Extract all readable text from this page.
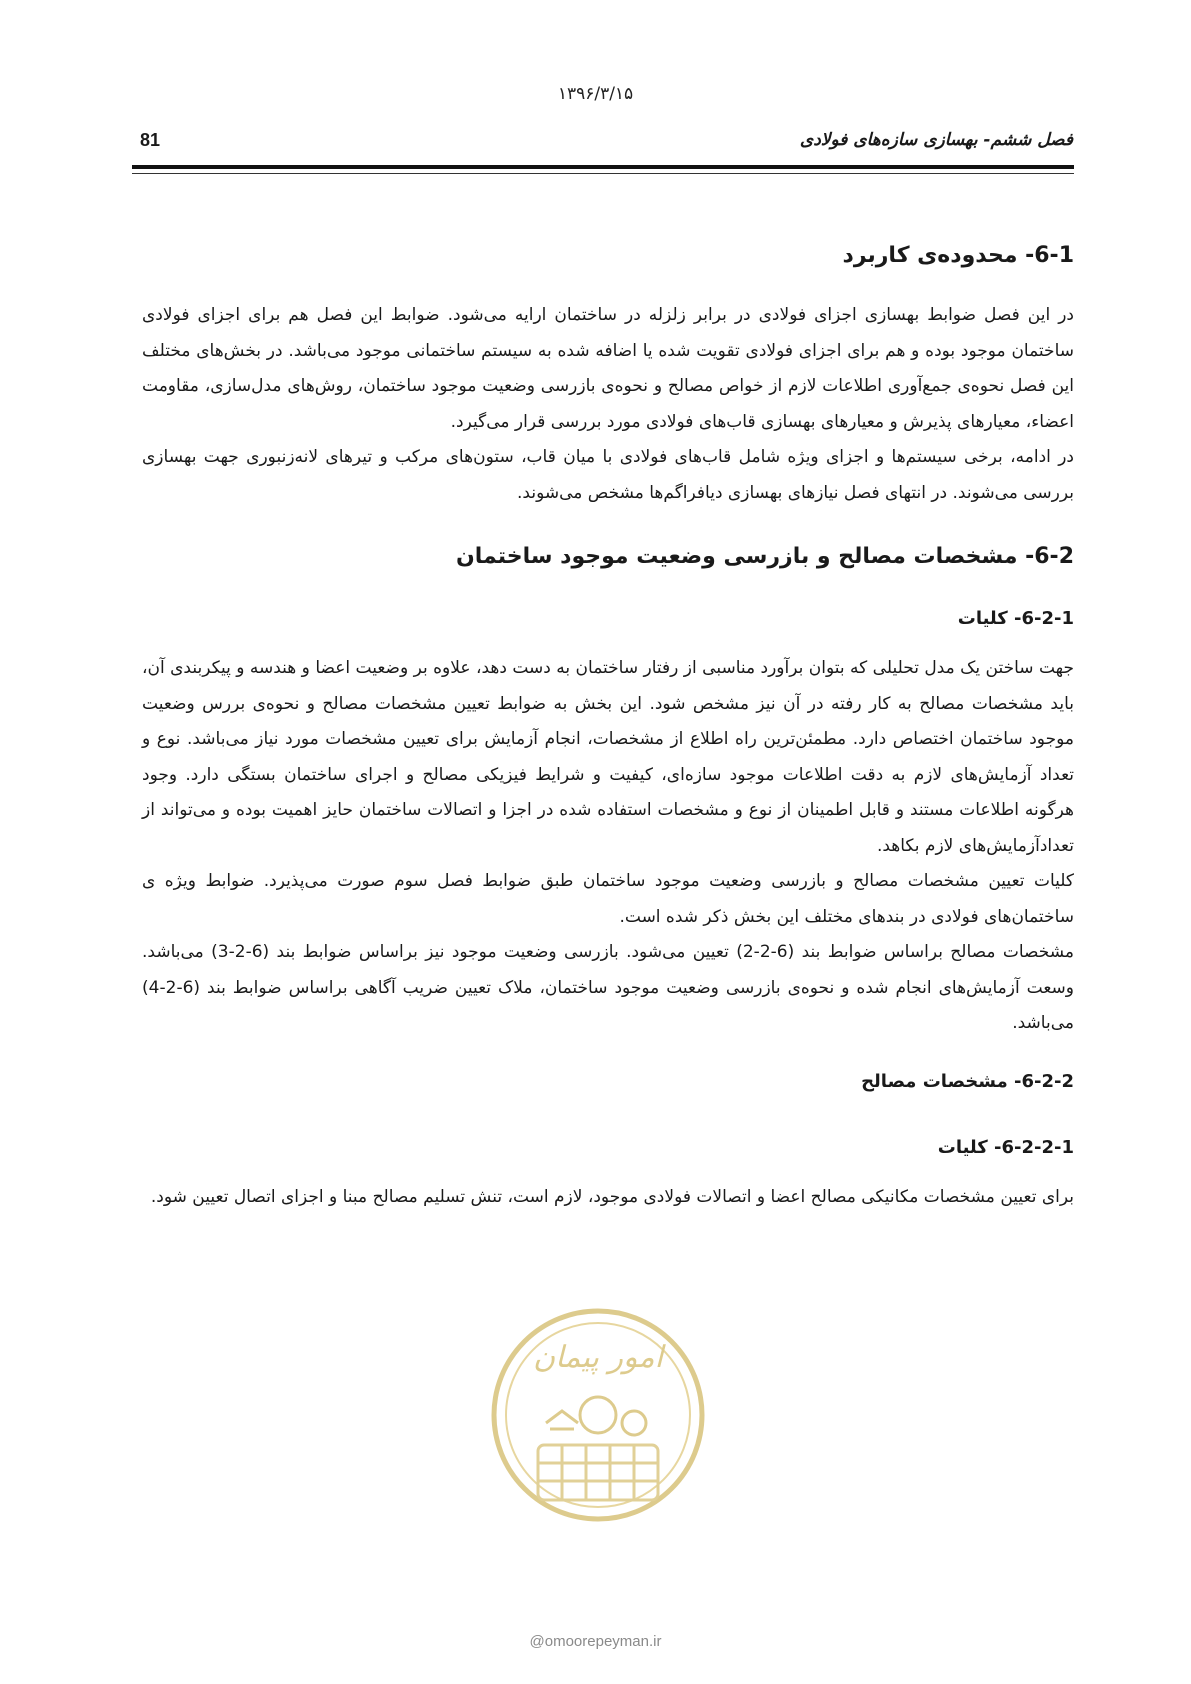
۱۳۹۶/۳/۱۵
81	فصل ششم- بهسازی سازه‌های فولادی
6-1- محدوده‌ی کاربرد

در این فصل ضوابط بهسازی اجزای فولادی در برابر زلزله در ساختمان ارایه می‌شود. ضوابط این فصل هم برای اجزای فولادی ساختمان موجود بوده و هم برای اجزای فولادی تقویت شده یا اضافه شده به سیستم ساختمانی موجود می‌باشد. در بخش‌های مختلف این فصل نحوه‌ی جمع‌آوری اطلاعات لازم از خواص مصالح و نحوه‌ی بازرسی وضعیت موجود ساختمان، روش‌های مدل‌سازی، مقاومت اعضاء، معیارهای پذیرش و معیارهای بهسازی قاب‌های فولادی مورد بررسی قرار می‌گیرد.

در ادامه، برخی سیستم‌ها و اجزای ویژه شامل قاب‌های فولادی با میان قاب، ستون‌های مرکب و تیرهای لانه‌زنبوری جهت بهسازی بررسی می‌شوند. در انتهای فصل نیازهای بهسازی دیافراگم‌ها مشخص می‌شوند.

6-2- مشخصات مصالح و بازرسی وضعیت موجود ساختمان
6-2-1- کلیات

جهت ساختن یک مدل تحلیلی که بتوان برآورد مناسبی از رفتار ساختمان به دست دهد، علاوه بر وضعیت اعضا و هندسه و پیکربندی آن، باید مشخصات مصالح به کار رفته در آن نیز مشخص شود. این بخش به ضوابط تعیین مشخصات مصالح و نحوه‌ی بررس وضعیت موجود ساختمان اختصاص دارد. مطمئن‌ترین راه اطلاع از مشخصات، انجام آزمایش برای تعیین مشخصات مورد نیاز می‌باشد. نوع و تعداد آزمایش‌های لازم به دقت اطلاعات موجود سازه‌ای، کیفیت و شرایط فیزیکی مصالح و اجرای ساختمان بستگی دارد. وجود هرگونه اطلاعات مستند و قابل اطمینان از نوع و مشخصات استفاده شده در اجزا و اتصالات ساختمان حایز اهمیت بوده و می‌تواند از تعدادآزمایش‌های لازم بکاهد.

کلیات تعیین مشخصات مصالح و بازرسی وضعیت موجود ساختمان طبق ضوابط فصل سوم صورت می‌پذیرد. ضوابط ویژه ی ساختمان‌های فولادی در بندهای مختلف این بخش ذکر شده است.

مشخصات مصالح براساس ضوابط بند (6-2-2) تعیین می‌شود. بازرسی وضعیت موجود نیز براساس ضوابط بند (6-2-3) می‌باشد. وسعت آزمایش‌های انجام شده و نحوه‌ی بازرسی وضعیت موجود ساختمان، ملاک تعیین ضریب آگاهی براساس ضوابط بند (6-2-4) می‌باشد.

6-2-2- مشخصات مصالح
6-2-2-1- کلیات

برای تعیین مشخصات مکانیکی مصالح اعضا و اتصالات فولادی موجود، لازم است، تنش تسلیم مصالح مبنا و اجزای اتصال تعیین شود.

امور پیمان
@omoorepeyman.ir
